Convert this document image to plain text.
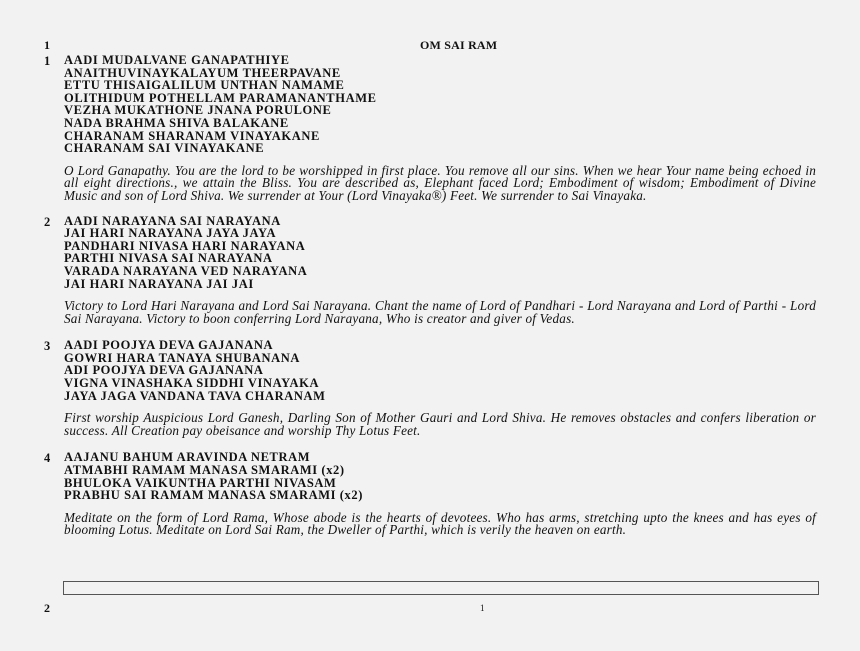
1	OM SAI RAM
1 AADI MUDALVANE GANAPATHIYE
ANAITHUVINAYKALAYUM THEERPAVANE
ETTU THISAIGALILUM UNTHAN NAMAME
OLITHIDUM POTHELLAM PARAMANANTHAME
VEZHA MUKATHONE JNANA PORULONE
NADA BRAHMA SHIVA BALAKANE
CHARANAM SHARANAM VINAYAKANE
CHARANAM SAI VINAYAKANE
O Lord Ganapathy. You are the lord to be worshipped in first place. You remove all our sins. When we hear Your name being echoed in all eight directions., we attain the Bliss. You are described as, Elephant faced Lord; Embodiment of wisdom; Embodiment of Divine Music and son of Lord Shiva. We surrender at Your (Lord Vinayaka®) Feet. We surrender to Sai Vinayaka.
2 AADI NARAYANA SAI NARAYANA
JAI HARI NARAYANA JAYA JAYA
PANDHARI NIVASA HARI NARAYANA
PARTHI NIVASA SAI NARAYANA
VARADA NARAYANA VED NARAYANA
JAI HARI NARAYANA JAI JAI
Victory to Lord Hari Narayana and Lord Sai Narayana. Chant the name of Lord of Pandhari - Lord Narayana and Lord of Parthi - Lord Sai Narayana. Victory to boon conferring Lord Narayana, Who is creator and giver of Vedas.
3 AADI POOJYA DEVA GAJANANA
GOWRI HARA TANAYA SHUBANANA
ADI POOJYA DEVA GAJANANA
VIGNA VINASHAKA SIDDHI VINAYAKA
JAYA JAGA VANDANA TAVA CHARANAM
First worship Auspicious Lord Ganesh, Darling Son of Mother Gauri and Lord Shiva. He removes obstacles and confers liberation or success. All Creation pay obeisance and worship Thy Lotus Feet.
4 AAJANU BAHUM ARAVINDA NETRAM
ATMABHI RAMAM MANASA SMARAMI (x2)
BHULOKA VAIKUNTHA PARTHI NIVASAM
PRABHU SAI RAMAM MANASA SMARAMI (x2)
Meditate on the form of Lord Rama, Whose abode is the hearts of devotees. Who has arms, stretching upto the knees and has eyes of blooming Lotus. Meditate on Lord Sai Ram, the Dweller of Parthi, which is verily the heaven on earth.
2	1
